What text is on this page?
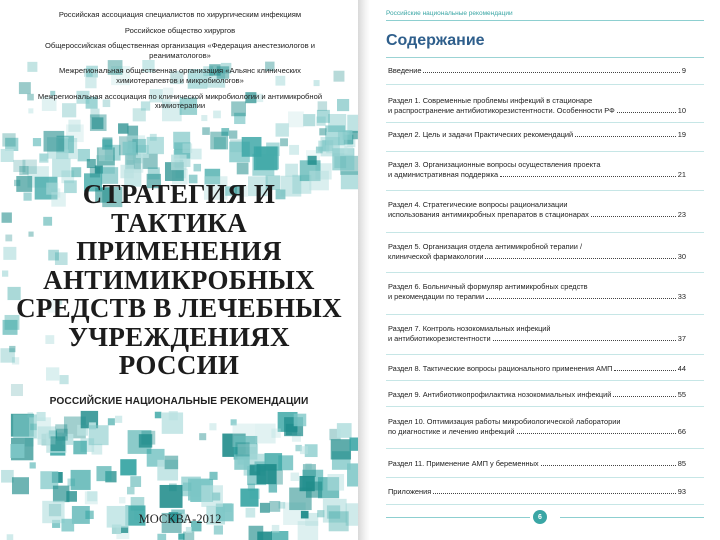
Российская ассоциация специалистов по хирургическим инфекциям
Российское общество хирургов
Общероссийская общественная организация «Федерация анестезиологов и реаниматологов»
Межрегиональная общественная организация «Альянс клинических химиотерапевтов и микробиологов»
Межрегиональная ассоциация по клинической микробиологии и антимикробной химиотерапии
СТРАТЕГИЯ И ТАКТИКА
ПРИМЕНЕНИЯ
АНТИМИКРОБНЫХ
СРЕДСТВ В ЛЕЧЕБНЫХ
УЧРЕЖДЕНИЯХ РОССИИ
РОССИЙСКИЕ НАЦИОНАЛЬНЫЕ РЕКОМЕНДАЦИИ
МОСКВА-2012
Российские национальные рекомендации
Содержание
Введение	9
Раздел 1. Современные проблемы инфекций в стационаре
и распространение антибиотикорезистентности. Особенности РФ	10
Раздел 2. Цель и задачи Практических рекомендаций	19
Раздел 3. Организационные вопросы осуществления проекта
и административная поддержка	21
Раздел 4. Стратегические вопросы рационализации
использования антимикробных препаратов в стационарах	23
Раздел 5. Организация отдела антимикробной терапии /
клинической фармакологии	30
Раздел 6. Больничный формуляр антимикробных средств
и рекомендации по терапии	33
Раздел 7. Контроль нозокомиальных инфекций
и антибиотикорезистентности	37
Раздел 8. Тактические вопросы рационального применения АМП	44
Раздел 9. Антибиотикопрофилактика нозокомиальных инфекций	55
Раздел 10. Оптимизация работы микробиологической лаборатории
по диагностике и лечению инфекций	66
Раздел 11. Применение АМП у беременных	85
Приложения	93
6
